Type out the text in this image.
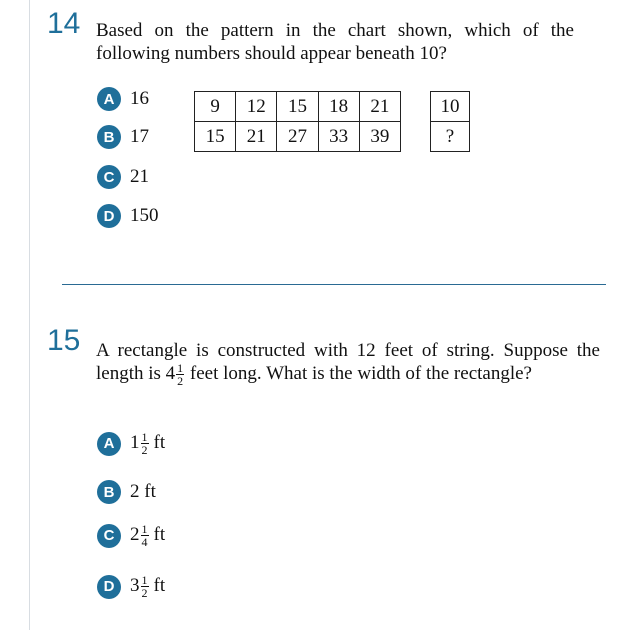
14 Based on the pattern in the chart shown, which of the following numbers should appear beneath 10?
A 16
B 17
C 21
D 150
9	12	15	18	21
15	21	27	33	39
10
?
15 A rectangle is constructed with 12 feet of string. Suppose the length is $4 \frac{1}{2}$ feet long. What is the width of the rectangle?
A $1 \frac{1}{2}$ ft
B 2 ft
C $2 \frac{1}{4}$ ft
D $3 \frac{1}{2}$ ft
